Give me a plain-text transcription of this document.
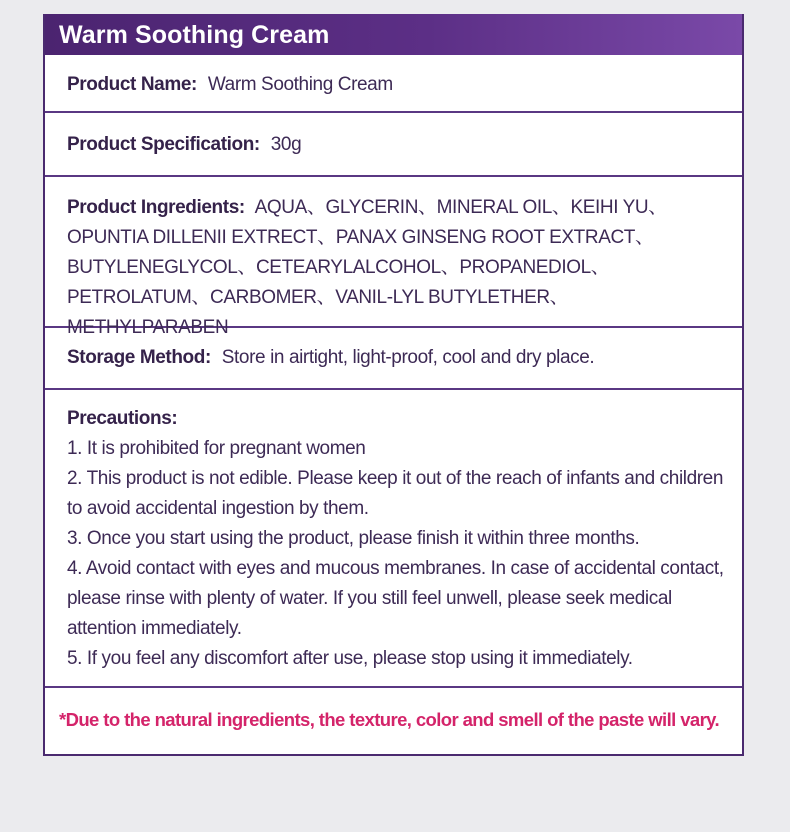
Warm Soothing Cream
Product Name: Warm Soothing Cream
Product Specification: 30g
Product Ingredients: AQUA、GLYCERIN、MINERAL OIL、KEIHI YU、OPUNTIA DILLENII EXTRECT、PANAX GINSENG ROOT EXTRACT、BUTYLENEGLYCOL、CETEARYLALCOHOL、PROPANEDIOL、PETROLATUM、CARBOMER、VANIL-LYL BUTYLETHER、METHYLPARABEN
Storage Method: Store in airtight, light-proof, cool and dry place.
Precautions:
1. It is prohibited for pregnant women
2. This product is not edible. Please keep it out of the reach of infants and children to avoid accidental ingestion by them.
3. Once you start using the product, please finish it within three months.
4. Avoid contact with eyes and mucous membranes. In case of accidental contact, please rinse with plenty of water. If you still feel unwell, please seek medical attention immediately.
5. If you feel any discomfort after use, please stop using it immediately.
*Due to the natural ingredients, the texture, color and smell of the paste will vary.
